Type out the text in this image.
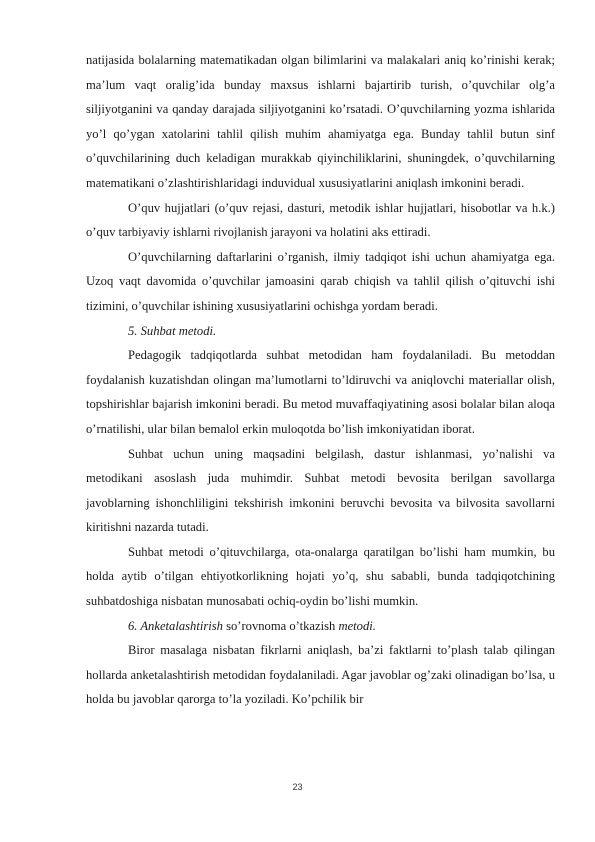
natijasida bolalarning matematikadan olgan bilimlarini va malakalari aniq ko’rinishi kerak; ma’lum vaqt oralig’ida bunday maxsus ishlarni bajartirib turish, o’quvchilar olg’a siljiyotganini va qanday darajada siljiyotganini ko’rsatadi. O’quvchilarning yozma ishlarida yo’l qo’ygan xatolarini tahlil qilish muhim ahamiyatga ega. Bunday tahlil butun sinf o’quvchilarining duch keladigan murakkab qiyinchiliklarini, shuningdek, o’quvchilarning matematikani o’zlashtirishlaridagi induvidual xususiyatlarini aniqlash imkonini beradi.

O’quv hujjatlari (o’quv rejasi, dasturi, metodik ishlar hujjatlari, hisobotlar va h.k.) o’quv tarbiyaviy ishlarni rivojlanish jarayoni va holatini aks ettiradi.

O’quvchilarning daftarlarini o’rganish, ilmiy tadqiqot ishi uchun ahamiyatga ega. Uzoq vaqt davomida o’quvchilar jamoasini qarab chiqish va tahlil qilish o’qituvchi ishi tizimini, o’quvchilar ishining xususiyatlarini ochishga yordam beradi.

5. Suhbat metodi.

Pedagogik tadqiqotlarda suhbat metodidan ham foydalaniladi. Bu metoddan foydalanish kuzatishdan olingan ma’lumotlarni to’ldiruvchi va aniqlovchi materiallar olish, topshirishlar bajarish imkonini beradi. Bu metod muvaffaqiyatining asosi bolalar bilan aloqa o’rnatilishi, ular bilan bemalol erkin muloqotda bo’lish imkoniyatidan iborat.

Suhbat uchun uning maqsadini belgilash, dastur ishlanmasi, yo’nalishi va metodikani asoslash juda muhimdir. Suhbat metodi bevosita berilgan savollarga javoblarning ishonchliligini tekshirish imkonini beruvchi bevosita va bilvosita savollarni kiritishni nazarda tutadi.

Suhbat metodi o’qituvchilarga, ota-onalarga qaratilgan bo’lishi ham mumkin, bu holda aytib o’tilgan ehtiyotkorlikning hojati yo’q, shu sababli, bunda tadqiqotchining suhbatdoshiga nisbatan munosabati ochiq-oydin bo’lishi mumkin.

6. Anketalashtirish so’rovnoma o’tkazish metodi.

Biror masalaga nisbatan fikrlarni aniqlash, ba’zi faktlarni to’plash talab qilingan hollarda anketalashtirish metodidan foydalaniladi. Agar javoblar og’zaki olinadigan bo’lsa, u holda bu javoblar qarorga to’la yoziladi. Ko’pchilik bir

23
